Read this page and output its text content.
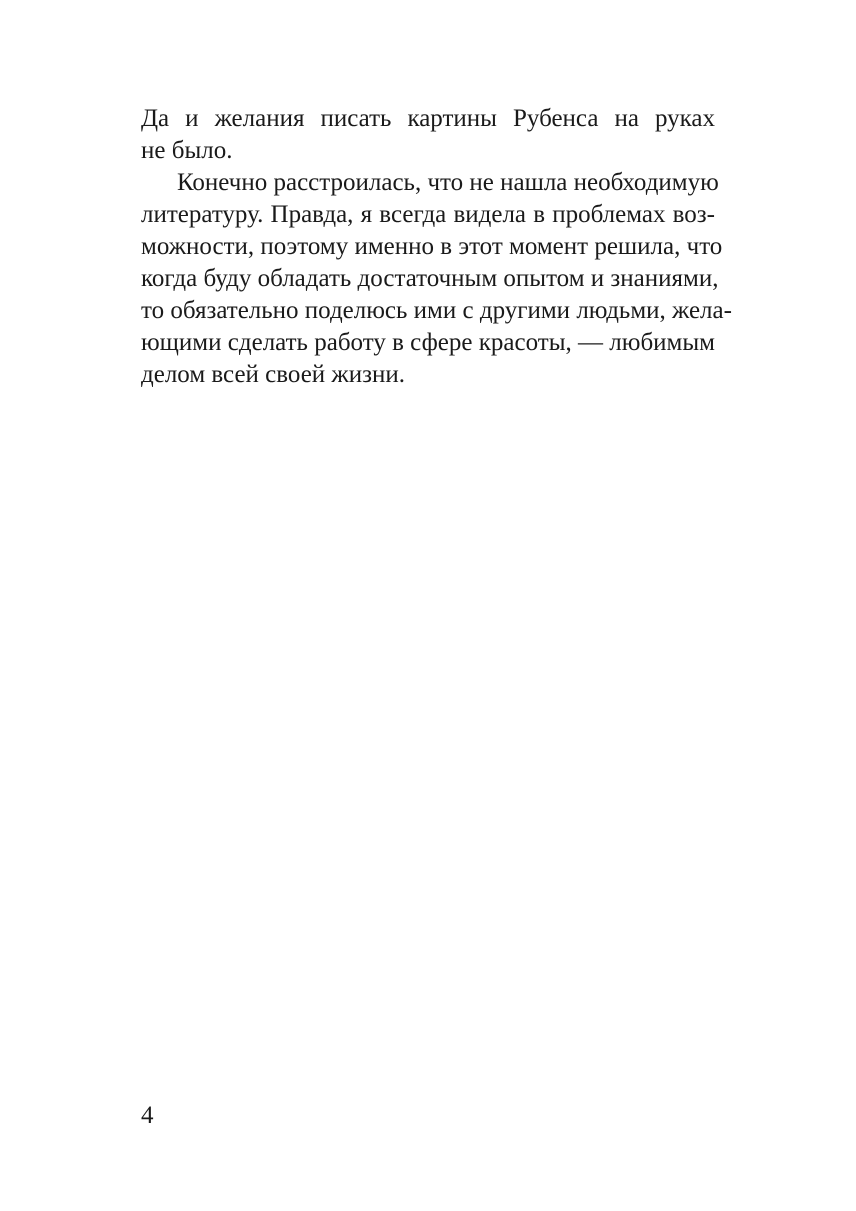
Да и желания писать картины Рубенса на руках
не было.
Конечно расстроилась, что не нашла необходимую
литературу. Правда, я всегда видела в проблемах воз-
можности, поэтому именно в этот момент решила, что
когда буду обладать достаточным опытом и знаниями,
то обязательно поделюсь ими с другими людьми, жела-
ющими сделать работу в сфере красоты, — любимым
делом всей своей жизни.
4
